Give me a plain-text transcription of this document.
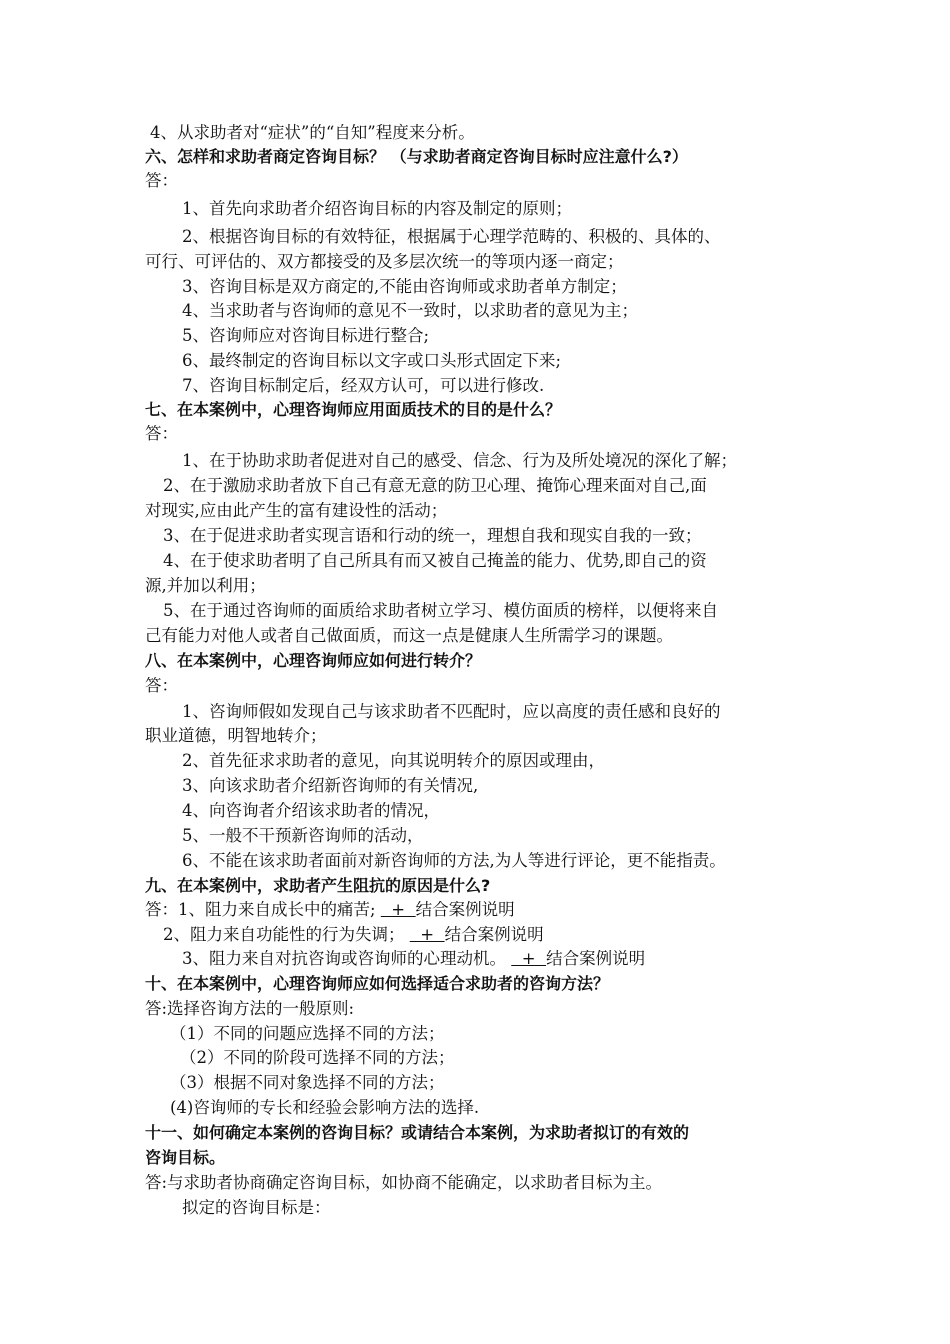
4、从求助者对“症状”的“自知”程度来分析。
六、怎样和求助者商定咨询目标？ （与求助者商定咨询目标时应注意什么?）
答：
1、首先向求助者介绍咨询目标的内容及制定的原则；
2、根据咨询目标的有效特征，根据属于心理学范畴的、积极的、具体的、
可行、可评估的、双方都接受的及多层次统一的等项内逐一商定；
3、咨询目标是双方商定的,不能由咨询师或求助者单方制定；
4、当求助者与咨询师的意见不一致时，以求助者的意见为主；
5、咨询师应对咨询目标进行整合;
6、最终制定的咨询目标以文字或口头形式固定下来;
7、咨询目标制定后，经双方认可，可以进行修改.
七、在本案例中，心理咨询师应用面质技术的目的是什么？
答：
1、在于协助求助者促进对自己的感受、信念、行为及所处境况的深化了解；
2、在于激励求助者放下自己有意无意的防卫心理、掩饰心理来面对自己,面
对现实,应由此产生的富有建设性的活动；
3、在于促进求助者实现言语和行动的统一，理想自我和现实自我的一致；
4、在于使求助者明了自己所具有而又被自己掩盖的能力、优势,即自己的资
源,并加以利用；
5、在于通过咨询师的面质给求助者树立学习、模仿面质的榜样，以便将来自
己有能力对他人或者自己做面质，而这一点是健康人生所需学习的课题。
八、在本案例中，心理咨询师应如何进行转介？
答：
1、咨询师假如发现自己与该求助者不匹配时，应以高度的责任感和良好的
职业道德，明智地转介；
2、首先征求求助者的意见，向其说明转介的原因或理由，
3、向该求助者介绍新咨询师的有关情况,
4、向咨询者介绍该求助者的情况，
5、一般不干预新咨询师的活动，
6、不能在该求助者面前对新咨询师的方法,为人等进行评论，更不能指责。
九、在本案例中，求助者产生阻抗的原因是什么?
答：1、阻力来自成长中的痛苦;   +  结合案例说明
2、阻力来自功能性的行为失调；   +  结合案例说明
3、阻力来自对抗咨询或咨询师的心理动机。   +  结合案例说明
十、在本案例中，心理咨询师应如何选择适合求助者的咨询方法？
答:选择咨询方法的一般原则:
（1）不同的问题应选择不同的方法；
（2）不同的阶段可选择不同的方法；
（3）根据不同对象选择不同的方法；
(4)咨询师的专长和经验会影响方法的选择.
十一、如何确定本案例的咨询目标？或请结合本案例，为求助者拟订的有效的
咨询目标。
答:与求助者协商确定咨询目标，如协商不能确定，以求助者目标为主。
拟定的咨询目标是：
